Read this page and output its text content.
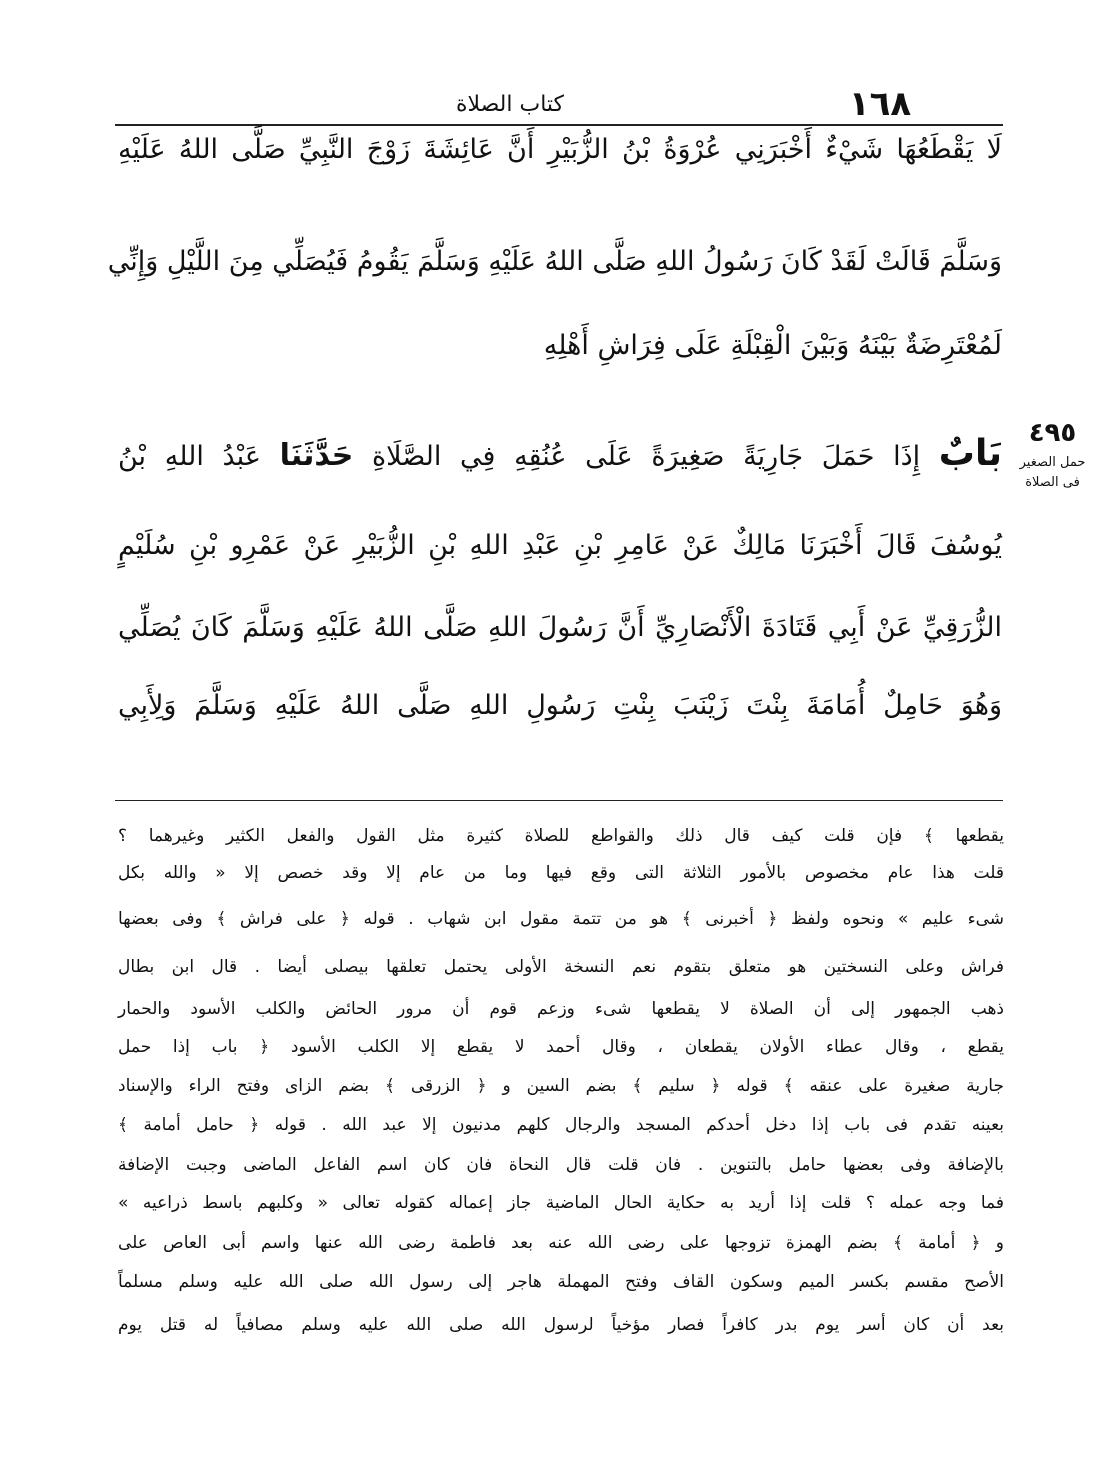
١٦٨
كتاب الصلاة
لَا يَقْطَعُهَا شَيْءٌ أَخْبَرَنِي عُرْوَةُ بْنُ الزُّبَيْرِ أَنَّ عَائِشَةَ زَوْجَ النَّبِيِّ صَلَّى اللهُ عَلَيْهِ
وَسَلَّمَ قَالَتْ لَقَدْ كَانَ رَسُولُ اللهِ صَلَّى اللهُ عَلَيْهِ وَسَلَّمَ يَقُومُ فَيُصَلِّي مِنَ اللَّيْلِ وَإِنِّي
لَمُعْتَرِضَةٌ بَيْنَهُ وَبَيْنَ الْقِبْلَةِ عَلَى فِرَاشِ أَهْلِهِ
بَابٌ إِذَا حَمَلَ جَارِيَةً صَغِيرَةً عَلَى عُنُقِهِ فِي الصَّلَاةِ حَدَّثَنَا عَبْدُ اللهِ بْنُ
يُوسُفَ قَالَ أَخْبَرَنَا مَالِكٌ عَنْ عَامِرِ بْنِ عَبْدِ اللهِ بْنِ الزُّبَيْرِ عَنْ عَمْرِو بْنِ سُلَيْمٍ
الزُّرَقِيِّ عَنْ أَبِي قَتَادَةَ الْأَنْصَارِيِّ أَنَّ رَسُولَ اللهِ صَلَّى اللهُ عَلَيْهِ وَسَلَّمَ كَانَ يُصَلِّي
وَهُوَ حَامِلٌ أُمَامَةَ بِنْتَ زَيْنَبَ بِنْتِ رَسُولِ اللهِ صَلَّى اللهُ عَلَيْهِ وَسَلَّمَ وَلِأَبِي
٤٩٥
حمل الصغير
فى الصلاة
يقطعها ﴾ فإن قلت كيف قال ذلك والقواطع للصلاة كثيرة مثل القول والفعل الكثير وغيرهما ؟
قلت هذا عام مخصوص بالأمور الثلاثة التى وقع فيها وما من عام إلا وقد خصص إلا « والله بكل
شىء عليم » ونحوه ولفظ ﴿ أخبرنى ﴾ هو من تتمة مقول ابن شهاب . قوله ﴿ على فراش ﴾ وفى بعضها
فراش وعلى النسختين هو متعلق بتقوم نعم النسخة الأولى يحتمل تعلقها بيصلى أيضا . قال ابن بطال
ذهب الجمهور إلى أن الصلاة لا يقطعها شىء وزعم قوم أن مرور الحائض والكلب الأسود والحمار
يقطع ، وقال عطاء الأولان يقطعان ، وقال أحمد لا يقطع إلا الكلب الأسود ﴿ باب إذا حمل
جارية صغيرة على عنقه ﴾ قوله ﴿ سليم ﴾ بضم السين و ﴿ الزرقى ﴾ بضم الزاى وفتح الراء والإسناد
بعينه تقدم فى باب إذا دخل أحدكم المسجد والرجال كلهم مدنيون إلا عبد الله . قوله ﴿ حامل أمامة ﴾
بالإضافة وفى بعضها حامل بالتنوين . فان قلت قال النحاة فان كان اسم الفاعل الماضى وجبت الإضافة
فما وجه عمله ؟ قلت إذا أريد به حكاية الحال الماضية جاز إعماله كقوله تعالى « وكلبهم باسط ذراعيه »
و ﴿ أمامة ﴾ بضم الهمزة تزوجها على رضى الله عنه بعد فاطمة رضى الله عنها واسم أبى العاص على
الأصح مقسم بكسر الميم وسكون القاف وفتح المهملة هاجر إلى رسول الله صلى الله عليه وسلم مسلماً
بعد أن كان أسر يوم بدر كافراً فصار مؤخياً لرسول الله صلى الله عليه وسلم مصافياً له قتل يوم
